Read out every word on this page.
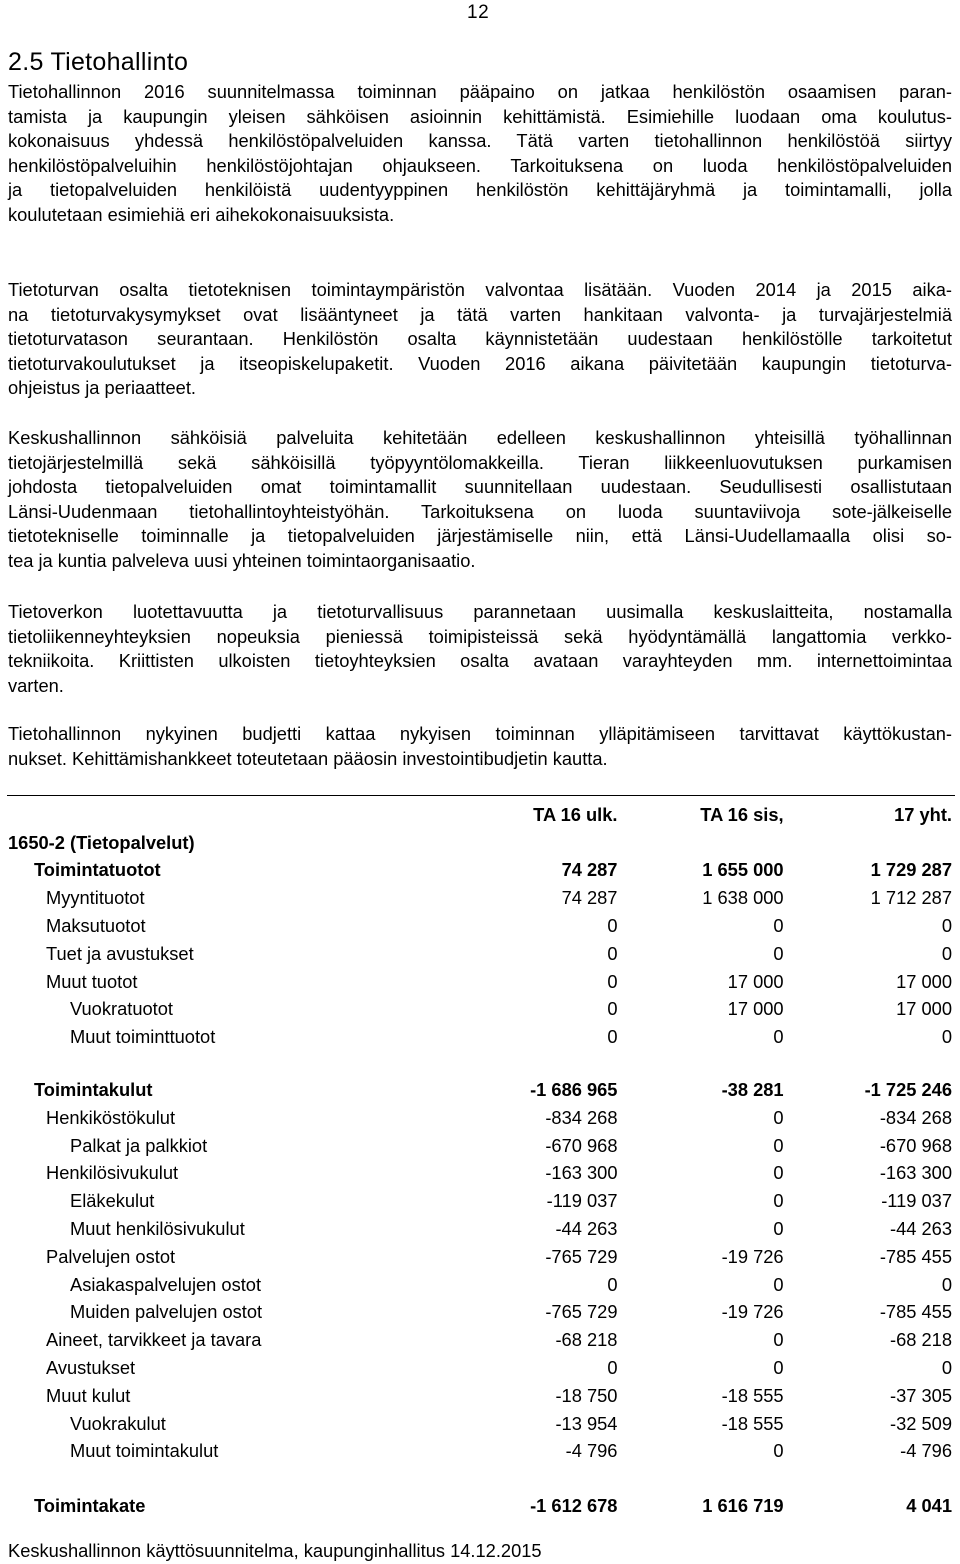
12
2.5 Tietohallinto

Tietohallinnon 2016 suunnitelmassa toiminnan pääpaino on jatkaa henkilöstön osaamisen paran-
tamista ja kaupungin yleisen sähköisen asioinnin kehittämistä. Esimiehille luodaan oma koulutus-
kokonaisuus yhdessä henkilöstöpalveluiden kanssa. Tätä varten tietohallinnon henkilöstöä siirtyy
henkilöstöpalveluihin henkilöstöjohtajan ohjaukseen. Tarkoituksena on luoda henkilöstöpalveluiden
ja tietopalveluiden henkilöistä uudentyyppinen henkilöstön kehittäjäryhmä ja toimintamalli, jolla
koulutetaan esimiehiä eri aihekokonaisuuksista.

Tietoturvan osalta tietoteknisen toimintaympäristön valvontaa lisätään. Vuoden 2014 ja 2015 aika-
na tietoturvakysymykset ovat lisääntyneet ja tätä varten hankitaan valvonta- ja turvajärjestelmiä
tietoturvatason seurantaan. Henkilöstön osalta käynnistetään uudestaan henkilöstölle tarkoitetut
tietoturvakoulutukset ja itseopiskelupaketit. Vuoden 2016 aikana päivitetään kaupungin tietoturva-
ohjeistus ja periaatteet.

Keskushallinnon sähköisiä palveluita kehitetään edelleen keskushallinnon yhteisillä työhallinnan
tietojärjestelmillä sekä sähköisillä työpyyntölomakkeilla. Tieran liikkeenluovutuksen purkamisen
johdosta tietopalveluiden omat toimintamallit suunnitellaan uudestaan. Seudullisesti osallistutaan
Länsi-Uudenmaan tietohallintoyhteistyöhän. Tarkoituksena on luoda suuntaviivoja sote-jälkeiselle
tietotekniselle toiminnalle ja tietopalveluiden järjestämiselle niin, että Länsi-Uudellamaalla olisi so-
tea ja kuntia palveleva uusi yhteinen toimintaorganisaatio.

Tietoverkon luotettavuutta ja tietoturvallisuus parannetaan uusimalla keskuslaitteita, nostamalla
tietoliikenneyhteyksien nopeuksia pieniessä toimipisteissä sekä hyödyntämällä langattomia verkko-
tekniikoita. Kriittisten ulkoisten tietoyhteyksien osalta avataan varayhteyden mm. internettoimintaa
varten.

Tietohallinnon nykyinen budjetti kattaa nykyisen toiminnan ylläpitämiseen tarvittavat käyttökustan-
nukset. Kehittämishankkeet toteutetaan pääosin investointibudjetin kautta.

	TA 16 ulk.	TA 16 sis,	17 yht.
1650-2 (Tietopalvelut)			
Toimintatuotot	74 287	1 655 000	1 729 287
Myyntituotot	74 287	1 638 000	1 712 287
Maksutuotot	0	0	0
Tuet ja avustukset	0	0	0
Muut tuotot	0	17 000	17 000
Vuokratuotot	0	17 000	17 000
Muut toiminttuotot	0	0	0

Toimintakulut	-1 686 965	-38 281	-1 725 246
Henkiköstökulut	-834 268	0	-834 268
Palkat ja palkkiot	-670 968	0	-670 968
Henkilösivukulut	-163 300	0	-163 300
Eläkekulut	-119 037	0	-119 037
Muut henkilösivukulut	-44 263	0	-44 263
Palvelujen ostot	-765 729	-19 726	-785 455
Asiakaspalvelujen ostot	0	0	0
Muiden palvelujen ostot	-765 729	-19 726	-785 455
Aineet, tarvikkeet ja tavara	-68 218	0	-68 218
Avustukset	0	0	0
Muut kulut	-18 750	-18 555	-37 305
Vuokrakulut	-13 954	-18 555	-32 509
Muut toimintakulut	-4 796	0	-4 796

Toimintakate	-1 612 678	1 616 719	4 041
Keskushallinnon käyttösuunnitelma, kaupunginhallitus 14.12.2015
